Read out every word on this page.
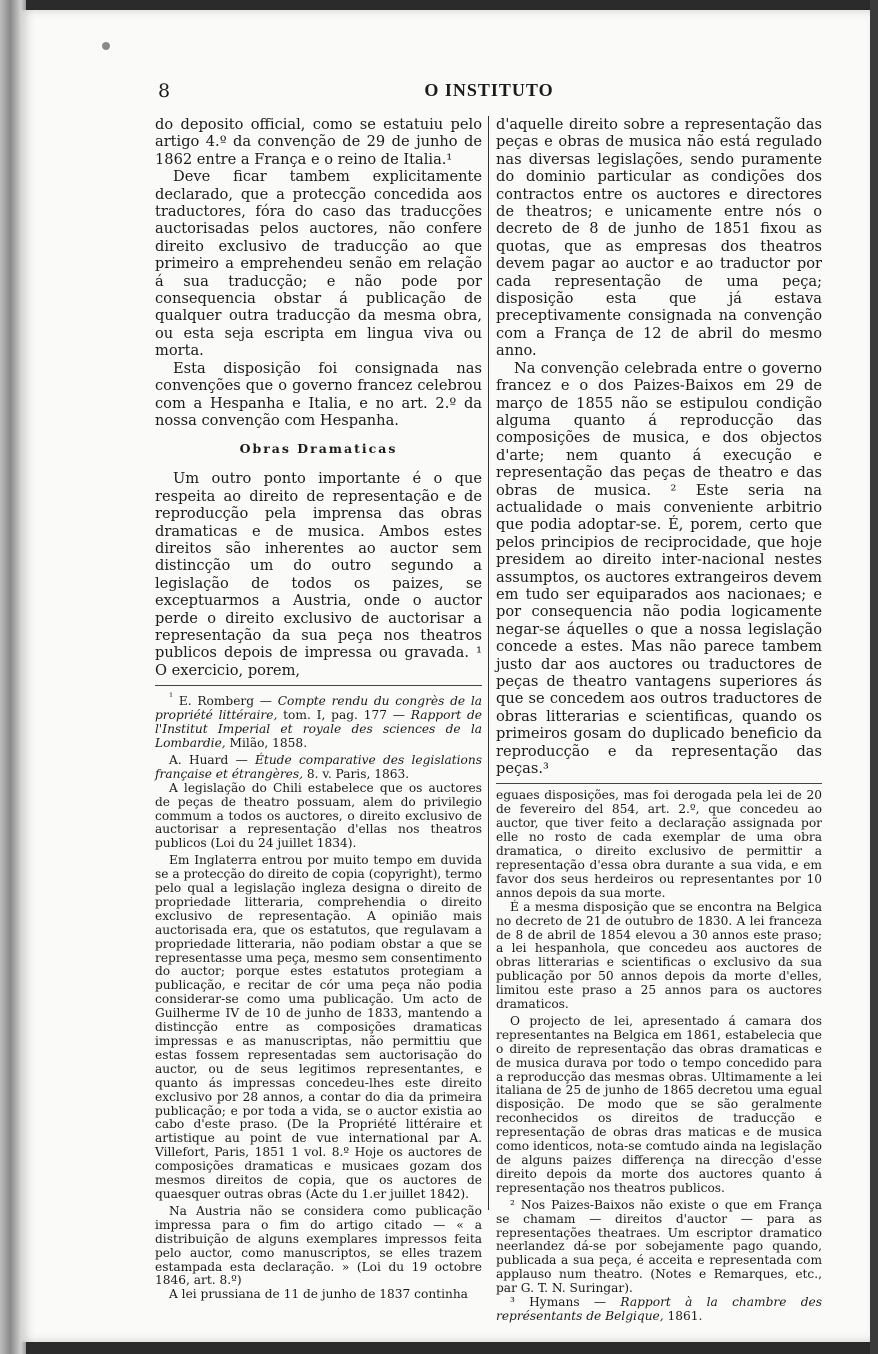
8	O INSTITUTO

do deposito official, como se estatuiu pelo artigo 4.º da convenção de 29 de junho de 1862 entre a França e o reino de Italia.¹

Deve ficar tambem explicitamente declarado, que a protecção concedida aos traductores, fóra do caso das traducções auctorisadas pelos auctores, não confere direito exclusivo de traducção ao que primeiro a emprehendeu senão em relação á sua traducção; e não pode por consequencia obstar á publicação de qualquer outra traducção da mesma obra, ou esta seja escripta em lingua viva ou morta.

Esta disposição foi consignada nas convenções que o governo francez celebrou com a Hespanha e Italia, e no art. 2.º da nossa convenção com Hespanha.

Obras Dramaticas

Um outro ponto importante é o que respeita ao direito de representação e de reproducção pela imprensa das obras dramaticas e de musica. Ambos estes direitos são inherentes ao auctor sem distincção um do outro segundo a legislação de todos os paizes, se exceptuarmos a Austria, onde o auctor perde o direito exclusivo de auctorisar a representação da sua peça nos theatros publicos depois de impressa ou gravada. ¹ O exercicio, porem,

$^{^1}$ E. Romberg — Compte rendu du congrès de la propriété littéraire, tom. I, pag. 177 — Rapport de l'Institut Imperial et royale des sciences de la Lombardie, Milão, 1858.

A. Huard — Étude comparative des legislations française et étrangères, 8. v. Paris, 1863.

A legislação do Chili estabelece que os auctores de peças de theatro possuam, alem do privilegio commum a todos os auctores, o direito exclusivo de auctorisar a representação d'ellas nos theatros publicos (Loi du 24 juillet 1834).

Em Inglaterra entrou por muito tempo em duvida se a protecção do direito de copia (copyright), termo pelo qual a legislação ingleza designa o direito de propriedade litteraria, comprehendia o direito exclusivo de representação. A opinião mais auctorisada era, que os estatutos, que regulavam a propriedade litteraria, não podiam obstar a que se representasse uma peça, mesmo sem consentimento do auctor; porque estes estatutos protegiam a publicação, e recitar de cór uma peça não podia considerar-se como uma publicação. Um acto de Guilherme IV de 10 de junho de 1833, mantendo a distincção entre as composições dramaticas impressas e as manuscriptas, não permittiu que estas fossem representadas sem auctorisação do auctor, ou de seus legitimos representantes, e quanto ás impressas concedeu-lhes este direito exclusivo por 28 annos, a contar do dia da primeira publicação; e por toda a vida, se o auctor existia ao cabo d'este praso. (De la Propriété littéraire et artistique au point de vue international par A. Villefort, Paris, 1851 1 vol. 8.º Hoje os auctores de composições dramaticas e musicaes gozam dos mesmos direitos de copia, que os auctores de quaesquer outras obras (Acte du 1.er juillet 1842).

Na Austria não se considera como publicação impressa para o fim do artigo citado — « a distribuição de alguns exemplares impressos feita pelo auctor, como manuscriptos, se elles trazem estampada esta declaração. » (Loi du 19 octobre 1846, art. 8.º)

A lei prussiana de 11 de junho de 1837 continha

d'aquelle direito sobre a representação das peças e obras de musica não está regulado nas diversas legislações, sendo puramente do dominio particular as condições dos contractos entre os auctores e directores de theatros; e unicamente entre nós o decreto de 8 de junho de 1851 fixou as quotas, que as empresas dos theatros devem pagar ao auctor e ao traductor por cada representação de uma peça; disposição esta que já estava preceptivamente consignada na convenção com a França de 12 de abril do mesmo anno.

Na convenção celebrada entre o governo francez e o dos Paizes-Baixos em 29 de março de 1855 não se estipulou condição alguma quanto á reproducção das composições de musica, e dos objectos d'arte; nem quanto á execução e representação das peças de theatro e das obras de musica. ² Este seria na actualidade o mais conveniente arbitrio que podia adoptar-se. É, porem, certo que pelos principios de reciprocidade, que hoje presidem ao direito inter-nacional nestes assumptos, os auctores extrangeiros devem em tudo ser equiparados aos nacionaes; e por consequencia não podia logicamente negar-se áquelles o que a nossa legislação concede a estes. Mas não parece tambem justo dar aos auctores ou traductores de peças de theatro vantagens superiores ás que se concedem aos outros traductores de obras litterarias e scientificas, quando os primeiros gosam do duplicado beneficio da reproducção e da representação das peças.³

eguaes disposições, mas foi derogada pela lei de 20 de fevereiro del 854, art. 2.º, que concedeu ao auctor, que tiver feito a declaração assignada por elle no rosto de cada exemplar de uma obra dramatica, o direito exclusivo de permittir a representação d'essa obra durante a sua vida, e em favor dos seus herdeiros ou representantes por 10 annos depois da sua morte.

É a mesma disposição que se encontra na Belgica no decreto de 21 de outubro de 1830. A lei franceza de 8 de abril de 1854 elevou a 30 annos este praso; a lei hespanhola, que concedeu aos auctores de obras litterarias e scientificas o exclusivo da sua publicação por 50 annos depois da morte d'elles, limitou este praso a 25 annos para os auctores dramaticos.

O projecto de lei, apresentado á camara dos representantes na Belgica em 1861, estabelecia que o direito de representação das obras dramaticas e de musica durava por todo o tempo concedido para a reproducção das mesmas obras. Ultimamente a lei italiana de 25 de junho de 1865 decretou uma egual disposição. De modo que se são geralmente reconhecidos os direitos de traducção e representação de obras dras maticas e de musica como identicos, nota-se comtudo ainda na legislação de alguns paizes differença na direcção d'esse direito depois da morte dos auctores quanto á representação nos theatros publicos.

² Nos Paizes-Baixos não existe o que em França se chamam — direitos d'auctor — para as representações theatraes. Um escriptor dramatico neerlandez dá-se por sobejamente pago quando, publicada a sua peça, é acceita e representada com applauso num theatro. (Notes e Remarques, etc., par G. T. N. Suringar).

³ Hymans — Rapport à la chambre des représentants de Belgique, 1861.
